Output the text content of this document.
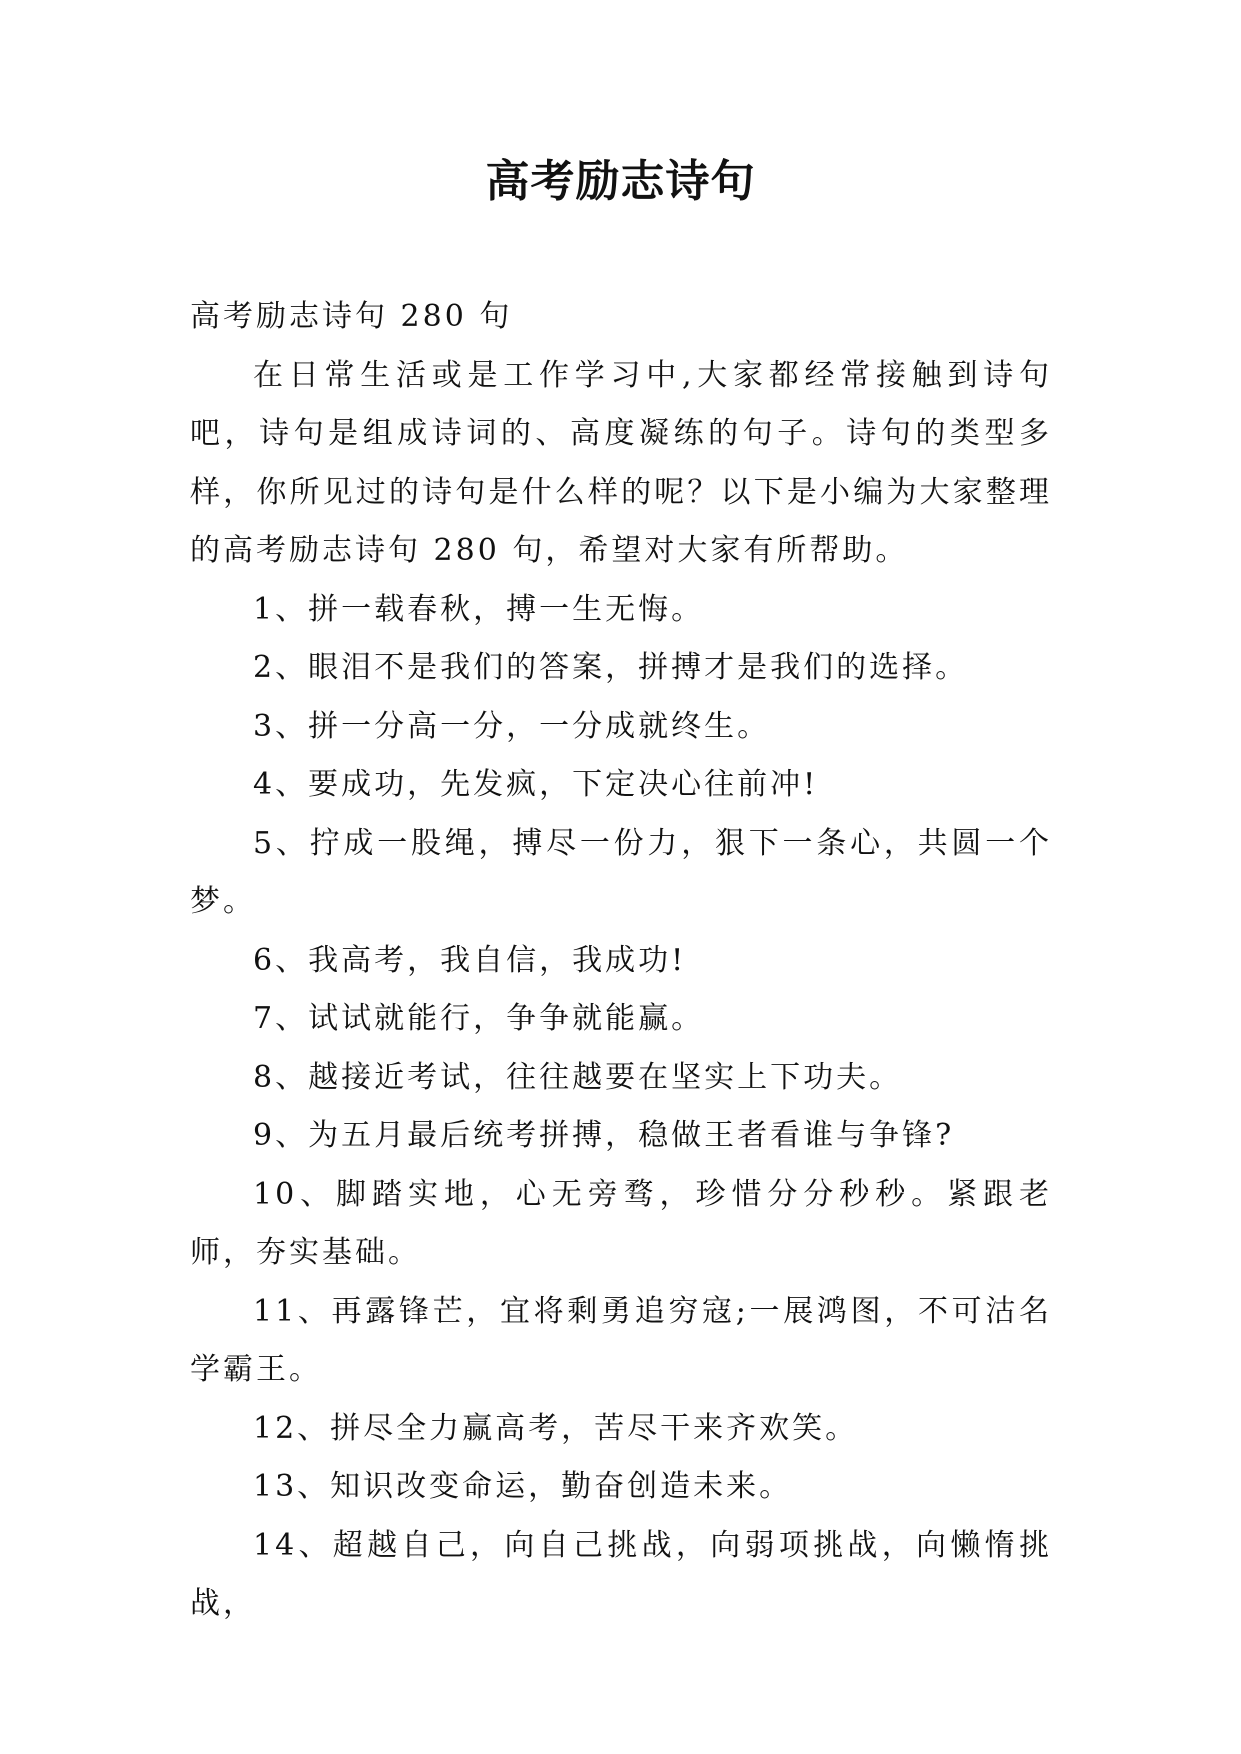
高考励志诗句

高考励志诗句 280 句

在日常生活或是工作学习中,大家都经常接触到诗句吧，诗句是组成诗词的、高度凝练的句子。诗句的类型多样，你所见过的诗句是什么样的呢？以下是小编为大家整理的高考励志诗句 280 句，希望对大家有所帮助。

1、拼一载春秋，搏一生无悔。

2、眼泪不是我们的答案，拼搏才是我们的选择。

3、拼一分高一分，一分成就终生。

4、要成功，先发疯，下定决心往前冲!

5、拧成一股绳，搏尽一份力，狠下一条心，共圆一个梦。

6、我高考，我自信，我成功!

7、试试就能行，争争就能赢。

8、越接近考试，往往越要在坚实上下功夫。

9、为五月最后统考拼搏，稳做王者看谁与争锋?

10、脚踏实地，心无旁骛，珍惜分分秒秒。紧跟老师，夯实基础。

11、再露锋芒，宜将剩勇追穷寇;一展鸿图，不可沽名学霸王。

12、拼尽全力赢高考，苦尽干来齐欢笑。

13、知识改变命运，勤奋创造未来。

14、超越自己，向自己挑战，向弱项挑战，向懒惰挑战，
